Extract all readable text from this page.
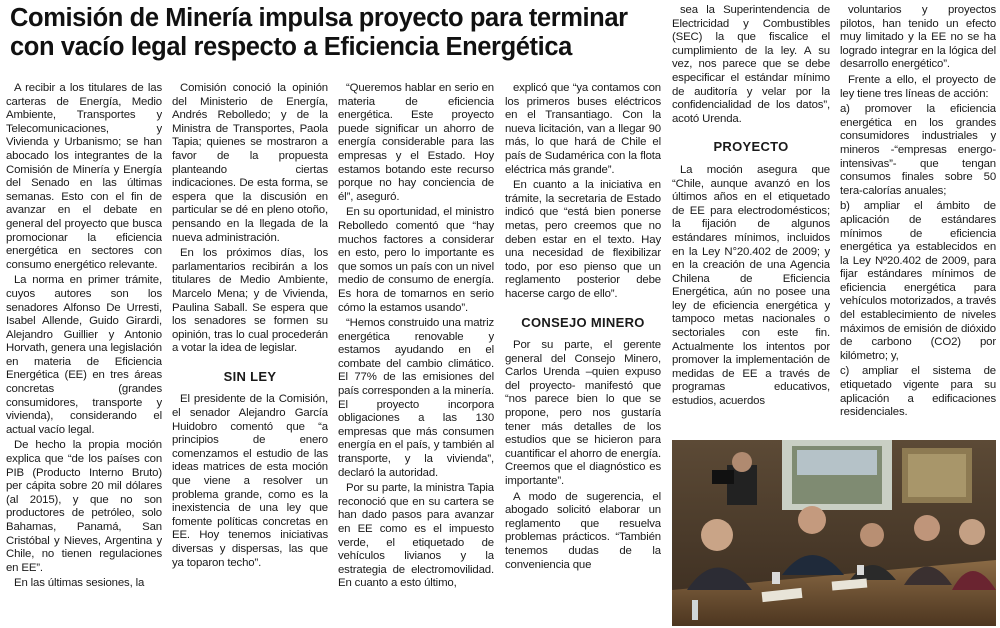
Comisión de Minería impulsa proyecto para terminar con vacío legal respecto a Eficiencia Energética

A recibir a los titulares de las carteras de Energía, Medio Ambiente, Transportes y Telecomunicaciones, y Vivienda y Urbanismo; se han abocado los integrantes de la Comisión de Minería y Energía del Senado en las últimas semanas. Esto con el fin de avanzar en el debate en general del proyecto que busca promocionar la eficiencia energética en sectores con consumo energético relevante.

La norma en primer trámite, cuyos autores son los senadores Alfonso De Urresti, Isabel Allende, Guido Girardi, Alejandro Guillier y Antonio Horvath, genera una legislación en materia de Eficiencia Energética (EE) en tres áreas concretas (grandes consumidores, transporte y vivienda), considerando el actual vacío legal.

De hecho la propia moción explica que “de los países con PIB (Producto Interno Bruto) per cápita sobre 20 mil dólares (al 2015), y que no son productores de petróleo, solo Bahamas, Panamá, San Cristóbal y Nieves, Argentina y Chile, no tienen regulaciones en EE”.

En las últimas sesiones, la

Comisión conoció la opinión del Ministerio de Energía, Andrés Rebolledo; y de la Ministra de Transportes, Paola Tapia; quienes se mostraron a favor de la propuesta planteando ciertas indicaciones. De esta forma, se espera que la discusión en particular se dé en pleno otoño, pensando en la llegada de la nueva administración.

En los próximos días, los parlamentarios recibirán a los titulares de Medio Ambiente, Marcelo Mena; y de Vivienda, Paulina Saball. Se espera que los senadores se formen su opinión, tras lo cual procederán a votar la idea de legislar.

SIN LEY

El presidente de la Comisión, el senador Alejandro García Huidobro comentó que “a principios de enero comenzamos el estudio de las ideas matrices de esta moción que viene a resolver un problema grande, como es la inexistencia de una ley que fomente políticas concretas en EE. Hoy tenemos iniciativas diversas y dispersas, las que ya toparon techo”.

“Queremos hablar en serio en materia de eficiencia energética. Este proyecto puede significar un ahorro de energía considerable para las empresas y el Estado. Hoy estamos botando este recurso porque no hay conciencia de él”, aseguró.

En su oportunidad, el ministro Rebolledo comentó que “hay muchos factores a considerar en esto, pero lo importante es que somos un país con un nivel medio de consumo de energía. Es hora de tomarnos en serio cómo la estamos usando”.

“Hemos construido una matriz energética renovable y estamos ayudando en el combate del cambio climático. El 77% de las emisiones del país corresponden a la minería. El proyecto incorpora obligaciones a las 130 empresas que más consumen energía en el país, y también al transporte, y la vivienda”, declaró la autoridad.

Por su parte, la ministra Tapia reconoció que en su cartera se han dado pasos para avanzar en EE como es el impuesto verde, el etiquetado de vehículos livianos y la estrategia de electromovilidad. En cuanto a esto último,

explicó que “ya contamos con los primeros buses eléctricos en el Transantiago. Con la nueva licitación, van a llegar 90 más, lo que hará de Chile el país de Sudamérica con la flota eléctrica más grande”.

En cuanto a la iniciativa en trámite, la secretaria de Estado indicó que “está bien ponerse metas, pero creemos que no deben estar en el texto. Hay una necesidad de flexibilizar todo, por eso pienso que un reglamento posterior debe hacerse cargo de ello”.

CONSEJO MINERO

Por su parte, el gerente general del Consejo Minero, Carlos Urenda –quien expuso del proyecto- manifestó que “nos parece bien lo que se propone, pero nos gustaría tener más detalles de los estudios que se hicieron para cuantificar el ahorro de energía. Creemos que el diagnóstico es importante”.

A modo de sugerencia, el abogado solicitó elaborar un reglamento que resuelva problemas prácticos. “También tenemos dudas de la conveniencia que

sea la Superintendencia de Electricidad y Combustibles (SEC) la que fiscalice el cumplimiento de la ley. A su vez, nos parece que se debe especificar el estándar mínimo de auditoría y velar por la confidencialidad de los datos”, acotó Urenda.

PROYECTO

La moción asegura que “Chile, aunque avanzó en los últimos años en el etiquetado de EE para electrodomésticos; la fijación de algunos estándares mínimos, incluidos en la Ley N°20.402 de 2009; y en la creación de una Agencia Chilena de Eficiencia Energética, aún no posee una ley de eficiencia energética y tampoco metas nacionales o sectoriales con este fin. Actualmente los intentos por promover la implementación de medidas de EE a través de programas educativos, estudios, acuerdos

voluntarios y proyectos pilotos, han tenido un efecto muy limitado y la EE no se ha logrado integrar en la lógica del desarrollo energético”.

Frente a ello, el proyecto de ley tiene tres líneas de acción:

a) promover la eficiencia energética en los grandes consumidores industriales y mineros -“empresas energo-intensivas”- que tengan consumos finales sobre 50 tera-calorías anuales;

b) ampliar el ámbito de aplicación de estándares mínimos de eficiencia energética ya establecidos en la Ley Nº20.402 de 2009, para fijar estándares mínimos de eficiencia energética para vehículos motorizados, a través del establecimiento de niveles máximos de emisión de dióxido de carbono (CO2) por kilómetro; y,

c) ampliar el sistema de etiquetado vigente para su aplicación a edificaciones residenciales.
